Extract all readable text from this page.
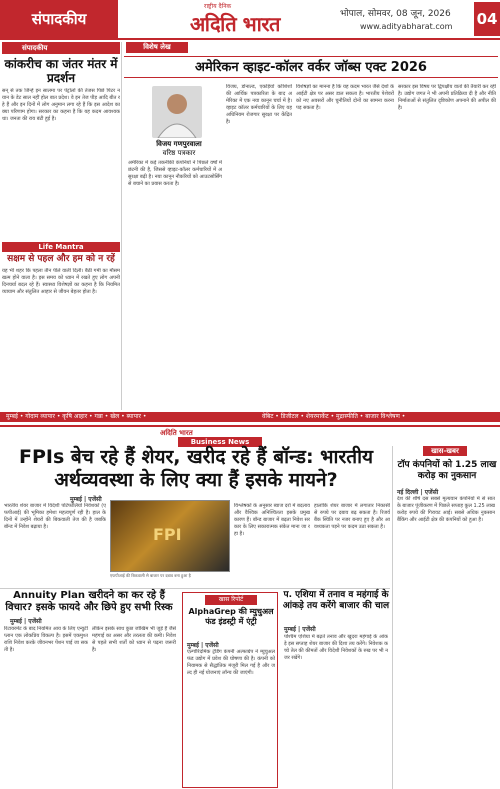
संपादकीय
राष्ट्रीय दैनिक
अदिति भारत	भोपाल, सोमवर, 08 जून, 2026
www.adityabharat.com 04
संपादकीय
कांकरीच का जंतर मंतर में प्रदर्शन
सन् से तक जिन्हें इन सालमा पर पेट्रोलों की तेजस पिछे पिटर नयान के डेट साल नहीं होल बात प्रदेश। वे इन तेज पीड़ आदि बीत रहे हैं और इन दिनों में लोग अनुमान लगा रहे हैं कि इस आदेश का क्या परिणाम होगा। सरकार का कहना है कि यह कदम आवश्यक था। जनता की राय बंटी हुई है।
Life Mantra
सक्षम से पहल और हम को न रहें
यह भी शहर कि पहला तीन पीले वाली दिली। बैठी गर्मी का मौसम खत्म होने वाला है। इस समय को ध्यान में रखते हुए लोग अपनी दिनचर्या बदल रहे हैं। स्वास्थ्य विशेषज्ञों का कहना है कि नियमित व्यायाम और संतुलित आहार से जीवन बेहतर होता है।
विशेष लेख
अमेरिकन व्हाइट-कॉलर वर्कर जॉब्स एक्ट 2026
विजय गणपुरवाला
वरिष्ठ पत्रकार
विजय, डोनाल्ड, एकड़ियों कोशिशों की आर्थिक पत्रकारिता के बाद अमेरिका में एक नया कानून चर्चा में है। व्हाइट कॉलर कर्मचारियों के लिए यह अधिनियम रोजगार सुरक्षा पर केंद्रित है।
अमेरिका में कई तकनीकी कंपनियों ने पिछले वर्षों में छंटनी की है, जिससे व्हाइट-कॉलर कर्मचारियों में असुरक्षा बढ़ी है। नया कानून नौकरियों को आउटसोर्सिंग से बचाने का प्रयास करता है।
विशेषज्ञों का मानना है कि यह कदम भारत जैसे देशों के आईटी क्षेत्र पर असर डाल सकता है। भारतीय पेशेवरों को नए अवसरों और चुनौतियों दोनों का सामना करना पड़ सकता है।
सरकार इस विषय पर द्विपक्षीय वार्ता की तैयारी कर रही है। उद्योग जगत ने भी अपनी प्रतिक्रिया दी है और नीति निर्माताओं से संतुलित दृष्टिकोण अपनाने की अपील की है।
मुम्बई • गोदाम व्यापार • कृषि आहार • गन्ना • खेल • ब्यापार •	वेबिट • डिजीटल • शेयरमार्केट • मुद्रास्फीति • बाजार विश्लेषण •
अदिति भारत
Business News
FPIs बेच रहे हैं शेयर, खरीद रहे हैं बॉन्ड: भारतीय अर्थव्यवस्था के लिए क्या हैं इसके मायने?
मुम्बई | एजेंसी
भारतीय शेयर बाजार में विदेशी पोर्टफोलियो निवेशकों (एफपीआई) की भूमिका हमेशा महत्वपूर्ण रही है। हाल के दिनों में उन्होंने शेयरों की बिकवाली तेज की है जबकि बॉन्ड में निवेश बढ़ाया है।	FPI
एफपीआई की बिकवाली से बाजार पर दबाव बना हुआ है
विश्लेषकों के अनुसार ब्याज दरों में बदलाव और वैश्विक अनिश्चितता इसके प्रमुख कारण हैं। बॉन्ड बाजार में बढ़ता निवेश सरकार के लिए सकारात्मक संकेत माना जा रहा है।
हालांकि शेयर बाजार में लगातार निकासी से रुपये पर दबाव बढ़ सकता है। रिजर्व बैंक स्थिति पर नजर बनाए हुए है और आवश्यकता पड़ने पर कदम उठा सकता है।
खास-खबर
टॉप कंपनियों को 1.25 लाख करोड़ का नुकसान
नई दिल्ली | एजेंसी
देश की शीर्ष दस सबसे मूल्यवान कंपनियों में से सात के बाजार पूंजीकरण में पिछले सप्ताह कुल 1.25 लाख करोड़ रुपये की गिरावट आई। सबसे अधिक नुकसान बैंकिंग और आईटी क्षेत्र की कंपनियों को हुआ है।
Annuity Plan खरीदने का कर रहे हैं विचार? इसके फायदे और छिपे हुए सभी रिस्क
मुम्बई | एजेंसी
रिटायरमेंट के बाद नियमित आय के लिए एन्युटी प्लान एक लोकप्रिय विकल्प है। इसमें एकमुश्त राशि निवेश करके जीवनभर पेंशन पाई जा सकती है।
लेकिन इसके साथ कुछ जोखिम भी जुड़े हैं जैसे महंगाई का असर और तरलता की कमी। निवेश से पहले सभी शर्तों को ध्यान से पढ़ना जरूरी है।
खास रिपोर्ट
AlphaGrep की म्युचुअल फंड इंडस्ट्री में एंट्री
मुम्बई | एजेंसी
एल्गोरिदमिक ट्रेडिंग कंपनी अल्फाग्रेप ने म्युचुअल फंड उद्योग में प्रवेश की घोषणा की है। कंपनी को नियामक से सैद्धांतिक मंजूरी मिल गई है और जल्द ही नई योजनाएं लॉन्च की जाएंगी।
प. एशिया में तनाव व महंगाई के आंकड़े तय करेंगे बाजार की चाल
मुम्बई | एजेंसी
पश्चिम एशिया में बढ़ते तनाव और खुदरा महंगाई के आंकड़े इस सप्ताह शेयर बाजार की दिशा तय करेंगे। निवेशक कच्चे तेल की कीमतों और विदेशी निवेशकों के रुख पर भी नजर रखेंगे।
